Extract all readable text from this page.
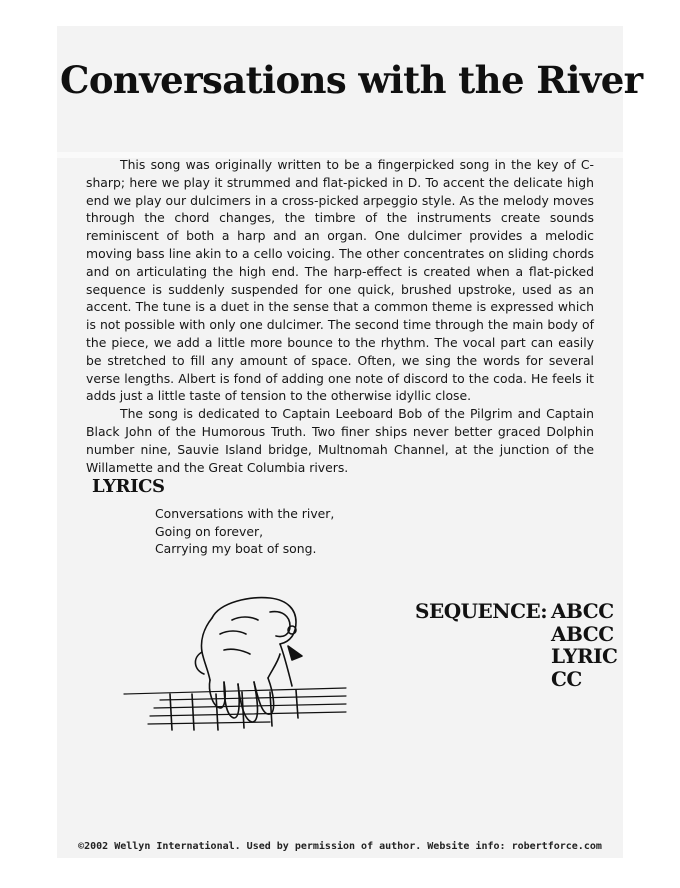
Conversations with the River

This song was originally written to be a fingerpicked song in the key of C-sharp; here we play it strummed and flat-picked in D. To accent the delicate high end we play our dulcimers in a cross-picked arpeggio style. As the melody moves through the chord changes, the timbre of the instruments create sounds reminiscent of both a harp and an organ. One dulcimer provides a melodic moving bass line akin to a cello voicing. The other concentrates on sliding chords and on articulating the high end. The harp-effect is created when a flat-picked sequence is suddenly suspended for one quick, brushed upstroke, used as an accent. The tune is a duet in the sense that a common theme is expressed which is not possible with only one dulcimer. The second time through the main body of the piece, we add a little more bounce to the rhythm. The vocal part can easily be stretched to fill any amount of space. Often, we sing the words for several verse lengths. Albert is fond of adding one note of discord to the coda. He feels it adds just a little taste of tension to the otherwise idyllic close.

The song is dedicated to Captain Leeboard Bob of the Pilgrim and Captain Black John of the Humorous Truth. Two finer ships never better graced Dolphin number nine, Sauvie Island bridge, Multnomah Channel, at the junction of the Willamette and the Great Columbia rivers.

LYRICS
Conversations with the river,
Going on forever,
Carrying my boat of song.
SEQUENCE: ABCC
ABCC
LYRIC
CC
©2002 Wellyn International. Used by permission of author. Website info: robertforce.com
